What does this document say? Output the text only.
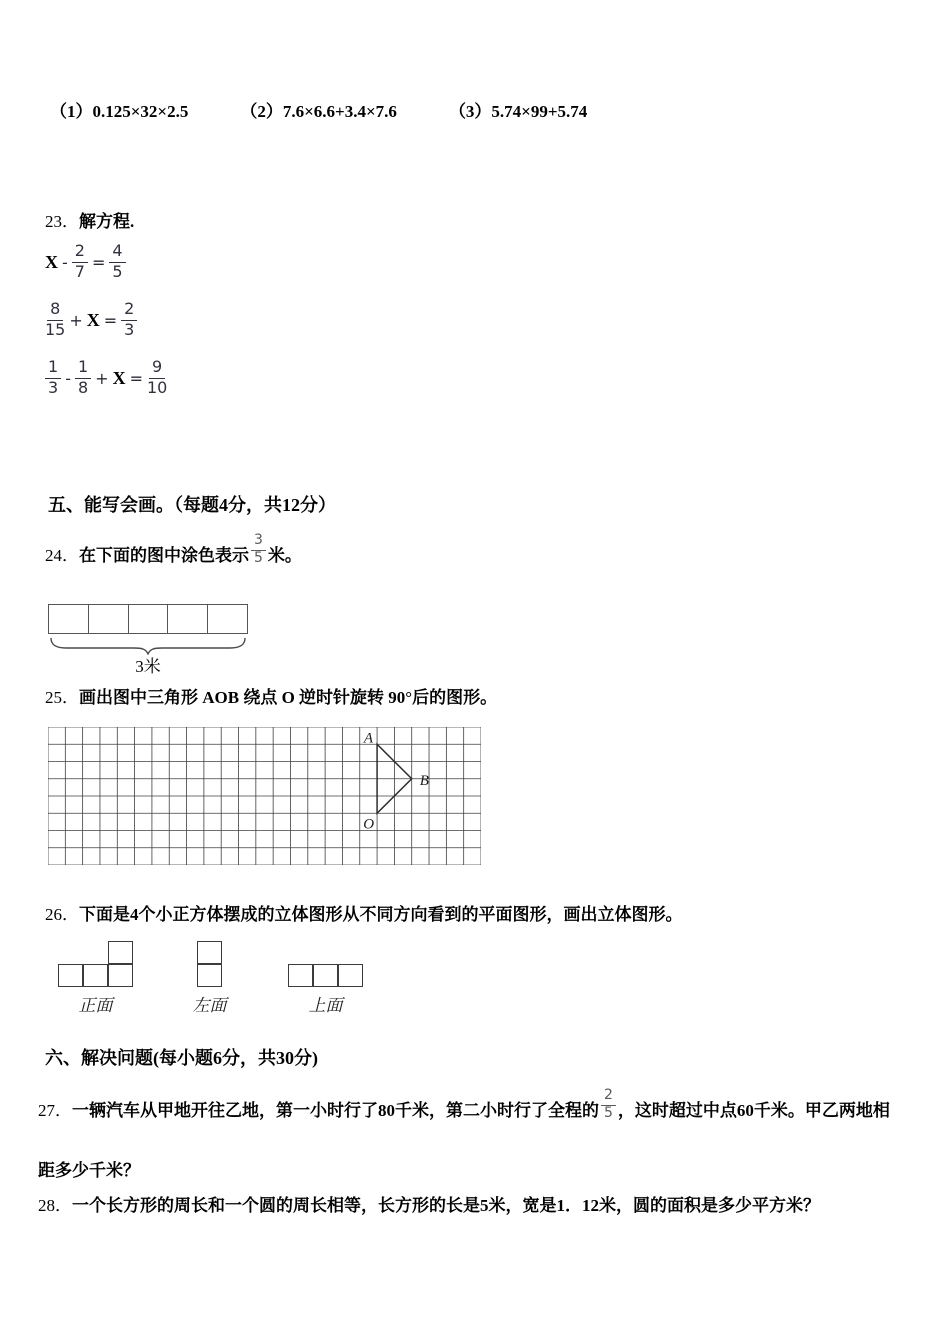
（1）0.125×32×2.5	（2）7.6×6.6+3.4×7.6	（3）5.74×99+5.74
23．解方程.
$X - \frac{2}{7} = \frac{4}{5}$
$\frac{8}{15} + X = \frac{2}{3}$
$\frac{1}{3} - \frac{1}{8} + X = \frac{9}{10}$
五、能写会画。（每题4分，共12分）
24．在下面的图中涂色表示 $\frac{3}{5}$ 米。
3米
25．画出图中三角形 AOB 绕点 O 逆时针旋转 90°后的图形。
A
B
O
26．下面是4个小正方体摆成的立体图形从不同方向看到的平面图形，画出立体图形。
正面	左面	上面
六、解决问题(每小题6分，共30分)
27．一辆汽车从甲地开往乙地，第一小时行了80千米，第二小时行了全程的 $\frac{2}{5}$ ，这时超过中点60千米。甲乙两地相
距多少千米？
28．一个长方形的周长和一个圆的周长相等，长方形的长是5米，宽是1．12米，圆的面积是多少平方米？
